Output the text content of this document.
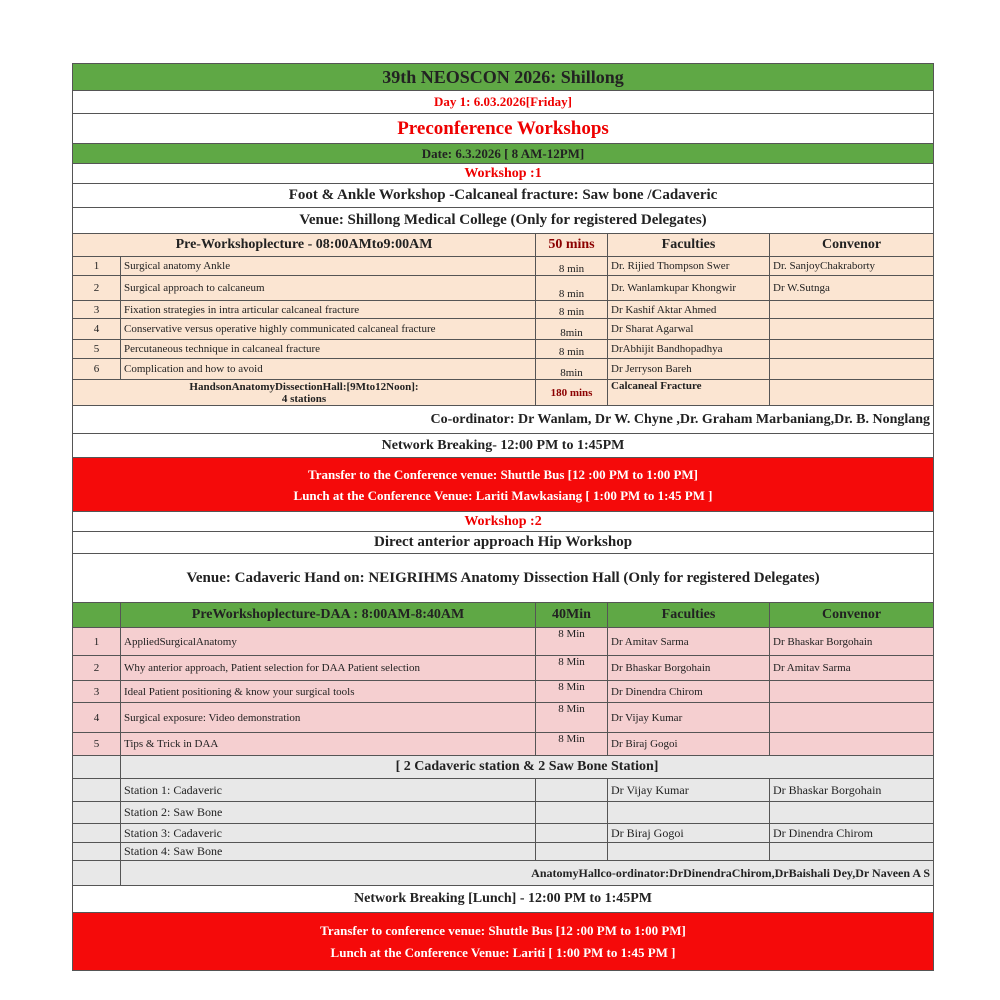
39th NEOSCON 2026: Shillong				
Day 1: 6.03.2026[Friday]				
Preconference Workshops				
Date: 6.3.2026 [ 8 AM-12PM]				
Workshop :1				
Foot & Ankle Workshop -Calcaneal fracture: Saw bone /Cadaveric				
Venue: Shillong Medical College (Only for registered Delegates)				
Pre-Workshoplecture - 08:00AMto9:00AM		50 mins	Faculties	Convenor
1	Surgical anatomy Ankle	8 min	Dr. Rijied Thompson Swer	Dr. SanjoyChakraborty
2	Surgical approach to calcaneum	8 min	Dr. Wanlamkupar Khongwir	Dr W.Sutnga
3	Fixation strategies in intra articular calcaneal fracture	8 min	Dr Kashif Aktar Ahmed	
4	Conservative versus operative highly communicated calcaneal fracture	8min	Dr Sharat Agarwal	
5	Percutaneous technique in calcaneal fracture	8 min	DrAbhijit Bandhopadhya	
6	Complication and how to avoid	8min	Dr Jerryson Bareh	
HandsonAnatomyDissectionHall:[9Mto12Noon]:
4 stations		180 mins	Calcaneal Fracture	
Co-ordinator: Dr Wanlam, Dr W. Chyne ,Dr. Graham Marbaniang,Dr. B. Nonglang				
Network Breaking- 12:00 PM to 1:45PM				
Transfer to the Conference venue: Shuttle Bus [12 :00 PM to 1:00 PM]
Lunch at the Conference Venue: Lariti Mawkasiang [ 1:00 PM to 1:45 PM ]				
Workshop :2				
Direct anterior approach Hip Workshop				
Venue: Cadaveric Hand on: NEIGRIHMS Anatomy Dissection Hall (Only for registered Delegates)				
	PreWorkshoplecture-DAA : 8:00AM-8:40AM	40Min	Faculties	Convenor
1	AppliedSurgicalAnatomy	8 Min	Dr Amitav Sarma	Dr Bhaskar Borgohain
2	Why anterior approach, Patient selection for DAA Patient selection	8 Min	Dr Bhaskar Borgohain	Dr Amitav Sarma
3	Ideal Patient positioning & know your surgical tools	8 Min	Dr Dinendra Chirom	
4	Surgical exposure: Video demonstration	8 Min	Dr Vijay Kumar	
5	Tips & Trick in DAA	8 Min	Dr Biraj Gogoi	
	[ 2 Cadaveric station & 2 Saw Bone Station]			
	Station 1: Cadaveric		Dr Vijay Kumar	Dr Bhaskar Borgohain
	Station 2: Saw Bone			
	Station 3: Cadaveric		Dr Biraj Gogoi	Dr Dinendra Chirom
	Station 4: Saw Bone			
	AnatomyHallco-ordinator:DrDinendraChirom,DrBaishali Dey,Dr Naveen A S			
Network Breaking [Lunch] - 12:00 PM to 1:45PM				
Transfer to conference venue: Shuttle Bus [12 :00 PM to 1:00 PM]
Lunch at the Conference Venue: Lariti [ 1:00 PM to 1:45 PM ]				
